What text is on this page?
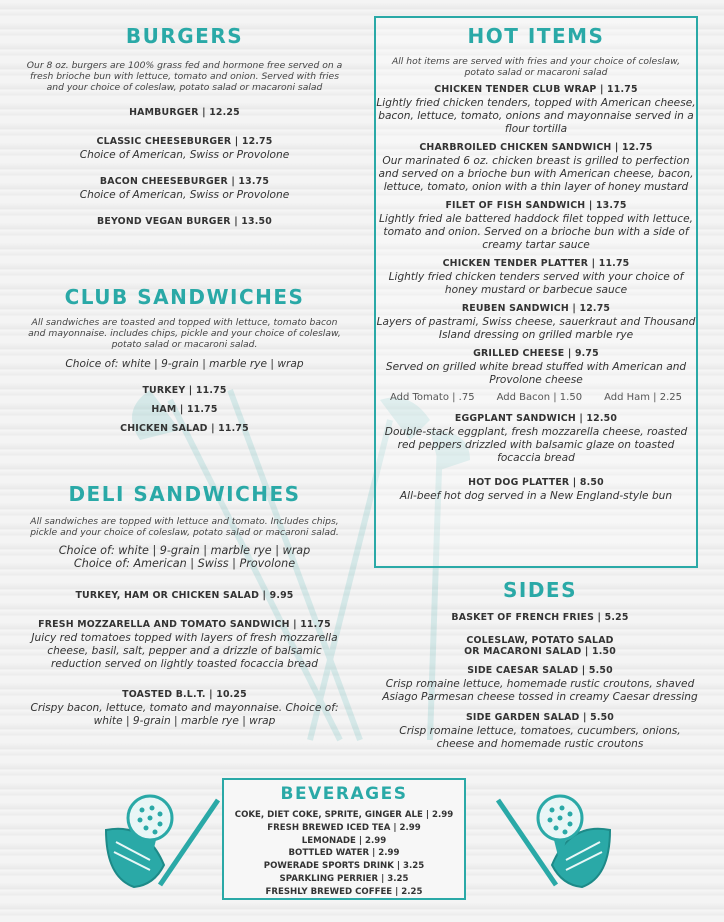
BURGERS

Our 8 oz. burgers are 100% grass fed and hormone free served on a fresh brioche bun with lettuce, tomato and onion. Served with fries and your choice of coleslaw, potato salad or macaroni salad

HAMBURGER | 12.25

CLASSIC CHEESEBURGER | 12.75

Choice of American, Swiss or Provolone

BACON CHEESEBURGER | 13.75

Choice of American, Swiss or Provolone

BEYOND VEGAN BURGER | 13.50

CLUB SANDWICHES

All sandwiches are toasted and topped with lettuce, tomato bacon and mayonnaise. includes chips, pickle and your choice of coleslaw, potato salad or macaroni salad.

Choice of: white | 9-grain | marble rye | wrap

TURKEY | 11.75

HAM | 11.75

CHICKEN SALAD | 11.75

DELI SANDWICHES

All sandwiches are topped with lettuce and tomato. Includes chips, pickle and your choice of coleslaw, potato salad or macaroni salad.

Choice of: white | 9-grain | marble rye | wrap

Choice of: American | Swiss | Provolone

TURKEY, HAM OR CHICKEN SALAD | 9.95

FRESH MOZZARELLA AND TOMATO SANDWICH | 11.75

Juicy red tomatoes topped with layers of fresh mozzarella cheese, basil, salt, pepper and a drizzle of balsamic reduction served on lightly toasted focaccia bread

TOASTED B.L.T. | 10.25

Crispy bacon, lettuce, tomato and mayonnaise. Choice of: white | 9-grain | marble rye | wrap

HOT ITEMS

All hot items are served with fries and your choice of coleslaw, potato salad or macaroni salad

CHICKEN TENDER CLUB WRAP | 11.75

Lightly fried chicken tenders, topped with American cheese, bacon, lettuce, tomato, onions and mayonnaise served in a flour tortilla

CHARBROILED CHICKEN SANDWICH | 12.75

Our marinated 6 oz. chicken breast is grilled to perfection and served on a brioche bun with American cheese, bacon, lettuce, tomato, onion with a thin layer of honey mustard

FILET OF FISH SANDWICH | 13.75

Lightly fried ale battered haddock filet topped with lettuce, tomato and onion. Served on a brioche bun with a side of creamy tartar sauce

CHICKEN TENDER PLATTER | 11.75

Lightly fried chicken tenders served with your choice of honey mustard or barbecue sauce

REUBEN SANDWICH | 12.75

Layers of pastrami, Swiss cheese, sauerkraut and Thousand Island dressing on grilled marble rye

GRILLED CHEESE | 9.75

Served on grilled white bread stuffed with American and Provolone cheese

Add Tomato | .75 Add Bacon | 1.50 Add Ham | 2.25

EGGPLANT SANDWICH | 12.50

Double-stack eggplant, fresh mozzarella cheese, roasted red peppers drizzled with balsamic glaze on toasted focaccia bread

HOT DOG PLATTER | 8.50

All-beef hot dog served in a New England-style bun

SIDES

BASKET OF FRENCH FRIES | 5.25

COLESLAW, POTATO SALAD

OR MACARONI SALAD | 1.50

SIDE CAESAR SALAD | 5.50

Crisp romaine lettuce, homemade rustic croutons, shaved Asiago Parmesan cheese tossed in creamy Caesar dressing

SIDE GARDEN SALAD | 5.50

Crisp romaine lettuce, tomatoes, cucumbers, onions, cheese and homemade rustic croutons

BEVERAGES

COKE, DIET COKE, SPRITE, GINGER ALE | 2.99

FRESH BREWED ICED TEA | 2.99

LEMONADE | 2.99

BOTTLED WATER | 2.99

POWERADE SPORTS DRINK | 3.25

SPARKLING PERRIER | 3.25

FRESHLY BREWED COFFEE | 2.25
